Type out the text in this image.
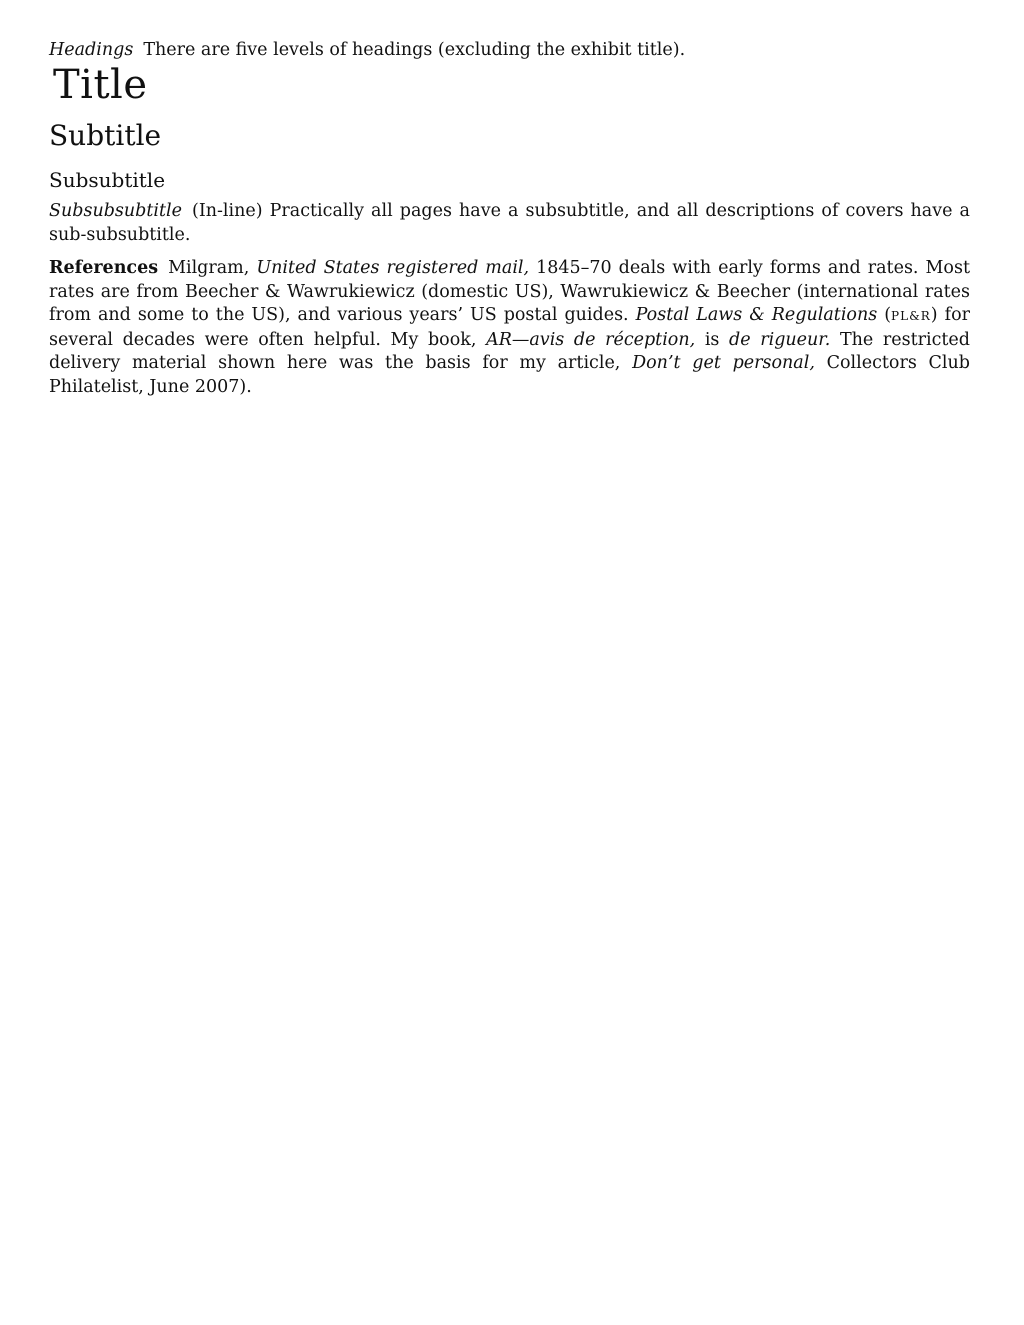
Headings There are five levels of headings (excluding the exhibit title).

Title
Subtitle
Subsubtitle

Subsubsubtitle (In-line) Practically all pages have a subsubtitle, and all descriptions of covers have a sub-subsubtitle.

References Milgram, United States registered mail, 1845–70 deals with early forms and rates. Most rates are from Beecher & Wawrukiewicz (domestic US), Wawrukiewicz & Beecher (international rates from and some to the US), and various years’ US postal guides. Postal Laws & Regulations (PL&R) for several decades were often helpful. My book, AR—avis de réception, is de rigueur. The restricted delivery material shown here was the basis for my article, Don’t get personal, Collectors Club Philatelist, June 2007).
